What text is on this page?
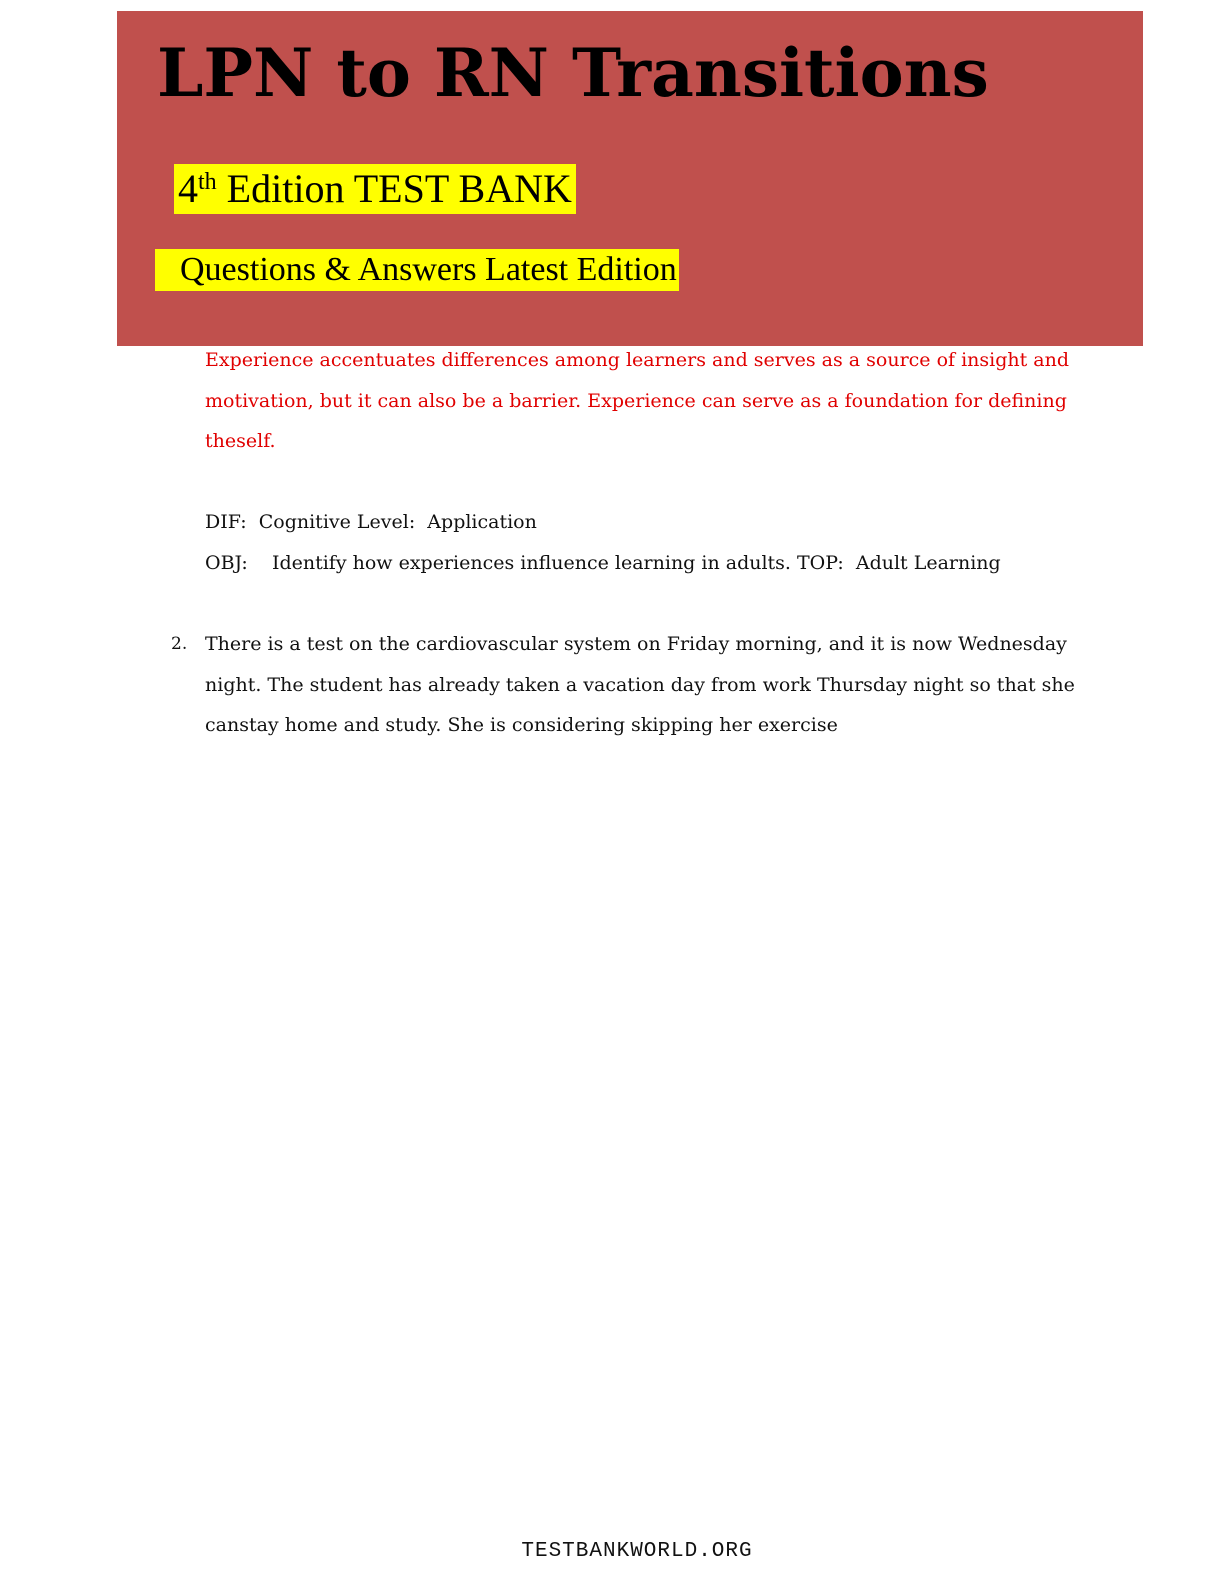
LPN to RN Transitions
4th Edition TEST BANK
Questions & Answers Latest Edition

Experience accentuates differences among learners and serves as a source of insight and motivation, but it can also be a barrier. Experience can serve as a foundation for defining theself.

DIF:  Cognitive Level:  Application
OBJ:    Identify how experiences influence learning in adults. TOP:  Adult Learning
2. There is a test on the cardiovascular system on Friday morning, and it is now Wednesday night. The student has already taken a vacation day from work Thursday night so that she canstay home and study. She is considering skipping her exercise

TESTBANKWORLD.ORG
